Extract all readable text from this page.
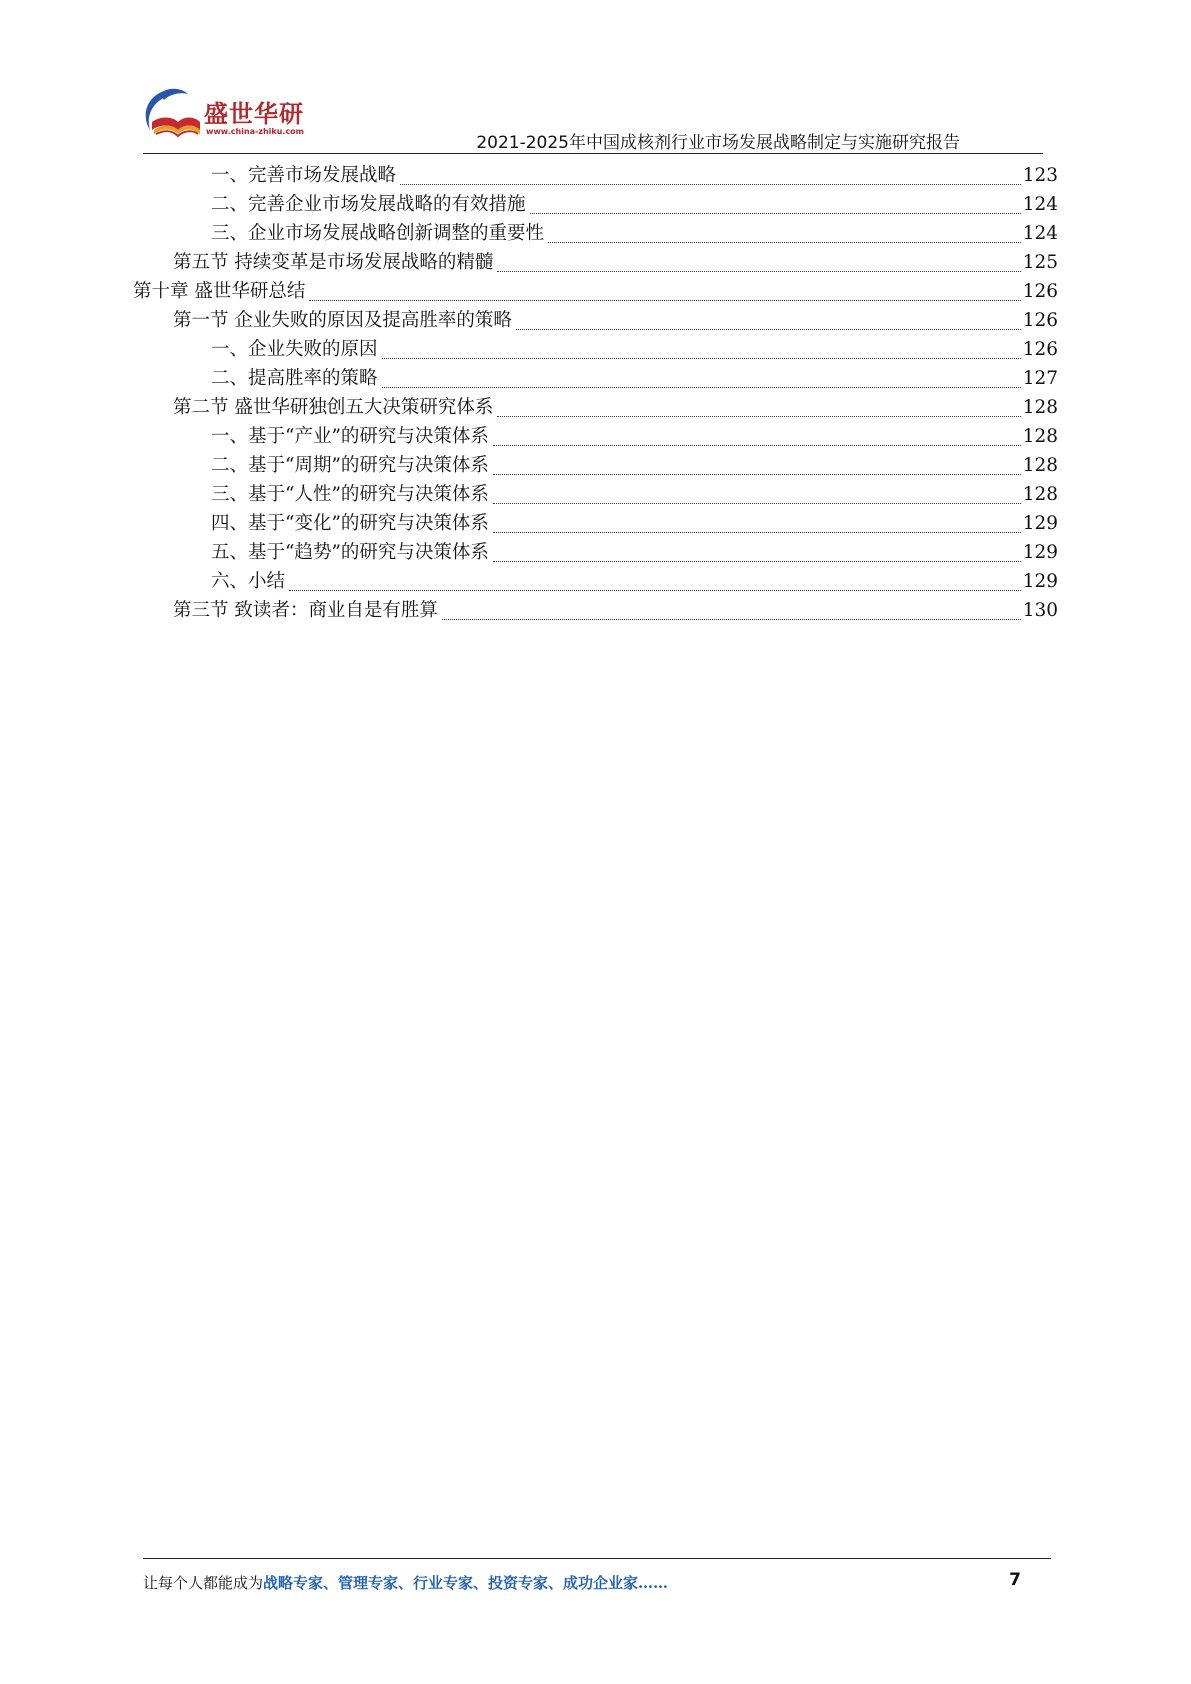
盛世华研
www.china-zhiku.com
2021-2025年中国成核剂行业市场发展战略制定与实施研究报告
一、完善市场发展战略	123
二、完善企业市场发展战略的有效措施	124
三、企业市场发展战略创新调整的重要性	124
第五节 持续变革是市场发展战略的精髓	125
第十章 盛世华研总结	126
第一节 企业失败的原因及提高胜率的策略	126
一、企业失败的原因	126
二、提高胜率的策略	127
第二节 盛世华研独创五大决策研究体系	128
一、基于“产业”的研究与决策体系	128
二、基于“周期”的研究与决策体系	128
三、基于“人性”的研究与决策体系	128
四、基于“变化”的研究与决策体系	129
五、基于“趋势”的研究与决策体系	129
六、小结	129
第三节 致读者：商业自是有胜算	130
让每个人都能成为战略专家、管理专家、行业专家、投资专家、成功企业家……	7
